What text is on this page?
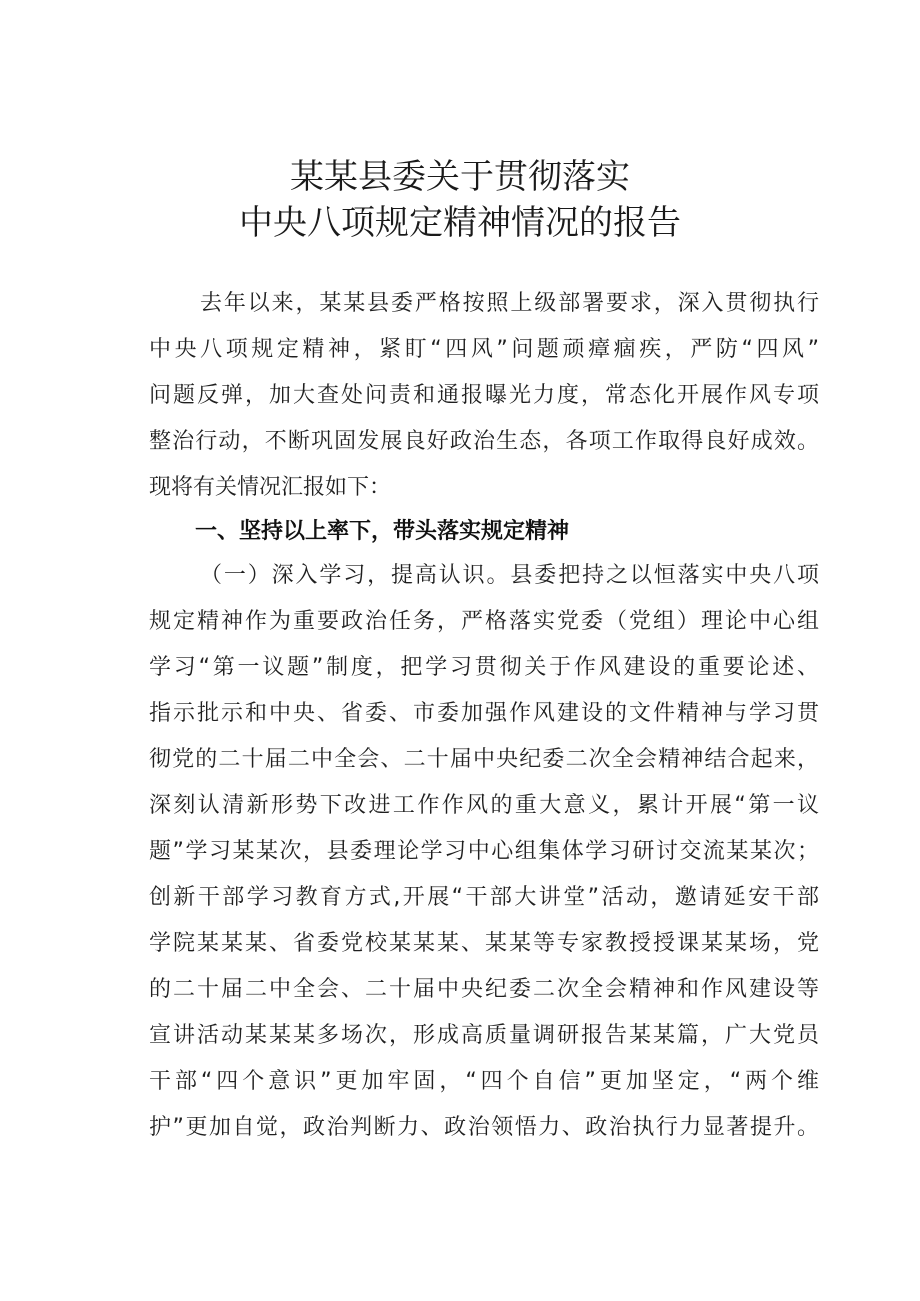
某某县委关于贯彻落实
中央八项规定精神情况的报告
去年以来，某某县委严格按照上级部署要求，深入贯彻执行
中央八项规定精神，紧盯“四风”问题顽瘴痼疾，严防“四风”
问题反弹，加大查处问责和通报曝光力度，常态化开展作风专项
整治行动，不断巩固发展良好政治生态，各项工作取得良好成效。
现将有关情况汇报如下：
一、坚持以上率下，带头落实规定精神
（一）深入学习，提高认识。县委把持之以恒落实中央八项
规定精神作为重要政治任务，严格落实党委（党组）理论中心组
学习“第一议题”制度，把学习贯彻关于作风建设的重要论述、
指示批示和中央、省委、市委加强作风建设的文件精神与学习贯
彻党的二十届二中全会、二十届中央纪委二次全会精神结合起来，
深刻认清新形势下改进工作作风的重大意义，累计开展“第一议
题”学习某某次，县委理论学习中心组集体学习研讨交流某某次；
创新干部学习教育方式,开展“干部大讲堂”活动，邀请延安干部
学院某某某、省委党校某某某、某某等专家教授授课某某场，党
的二十届二中全会、二十届中央纪委二次全会精神和作风建设等
宣讲活动某某某多场次，形成高质量调研报告某某篇，广大党员
干部“四个意识”更加牢固，“四个自信”更加坚定，“两个维
护”更加自觉，政治判断力、政治领悟力、政治执行力显著提升。
